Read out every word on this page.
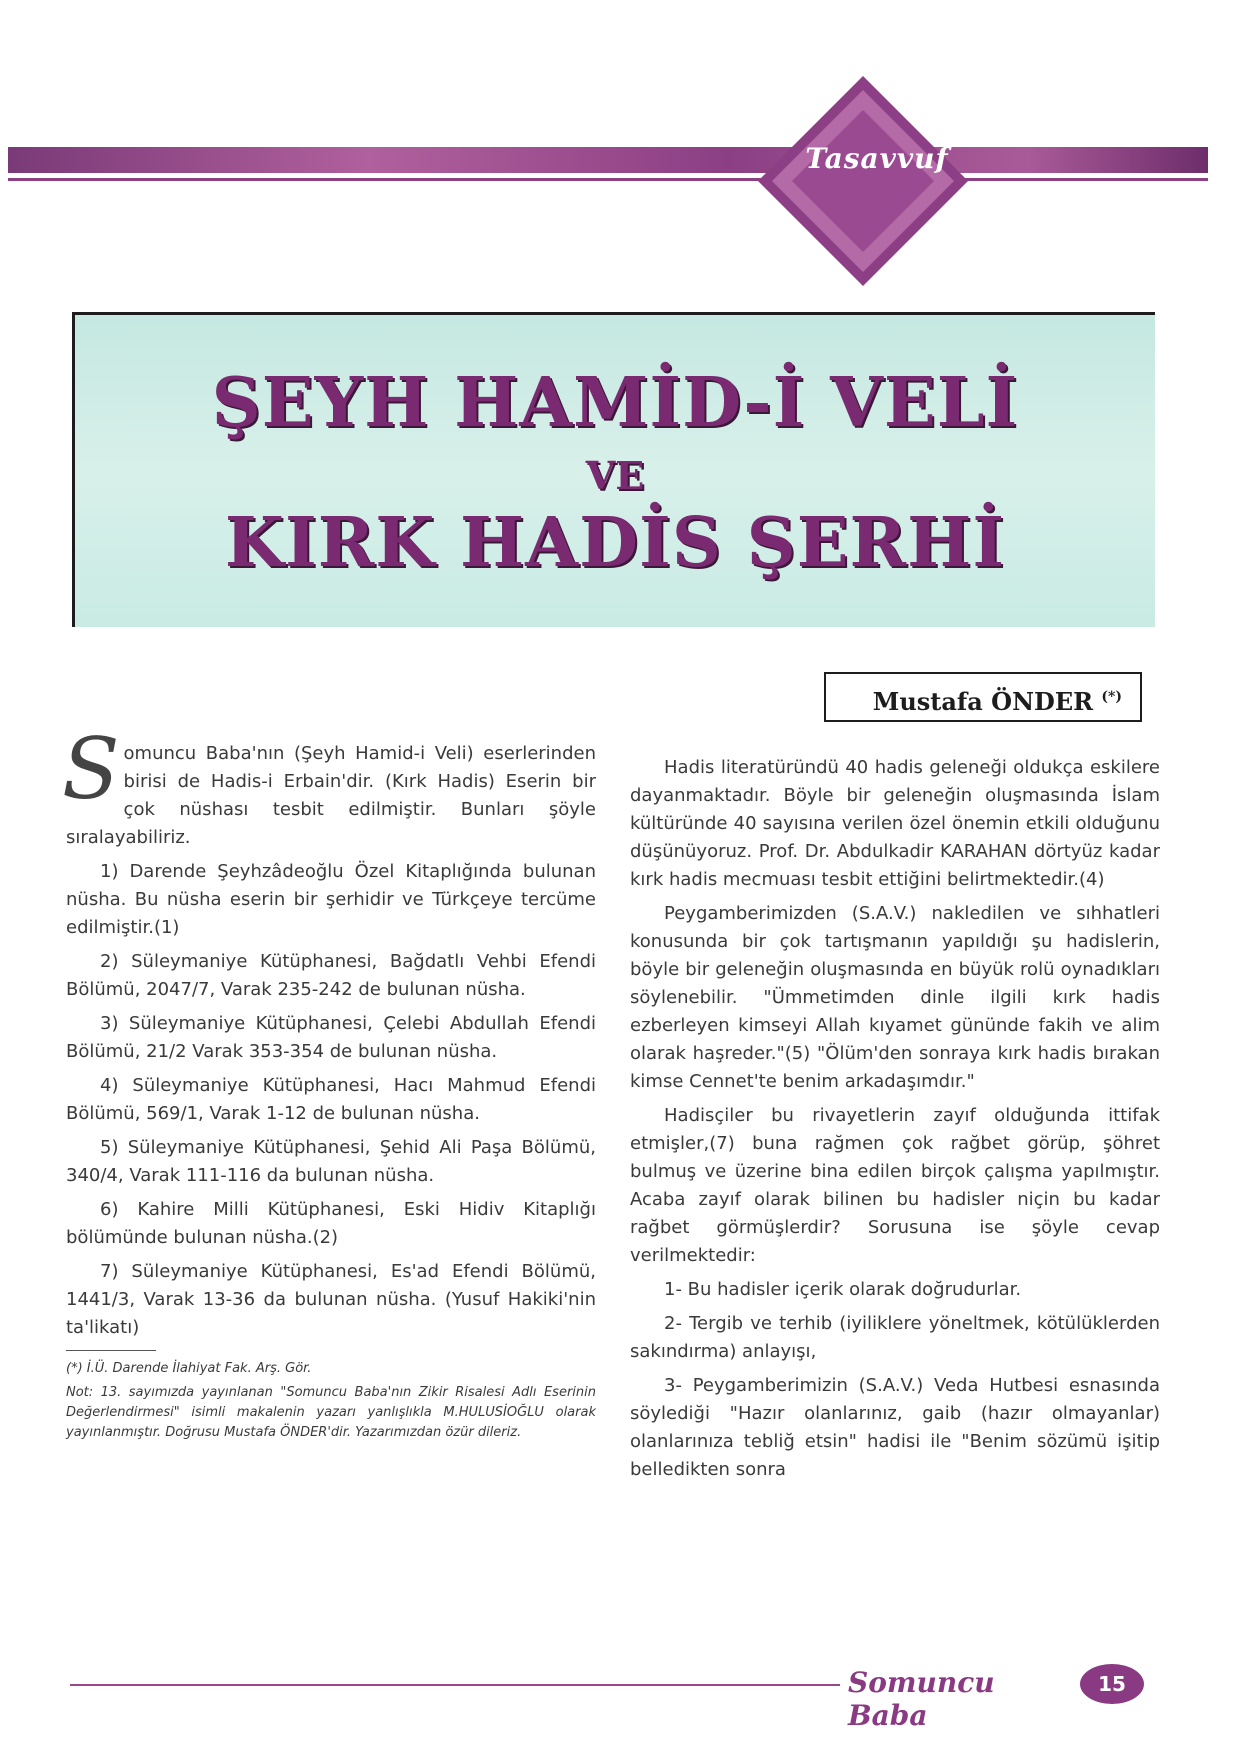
Tasavvuf
ŞEYH HAMİD-İ VELİ
VE
KIRK HADİS ŞERHİ
Mustafa ÖNDER (*)

Somuncu Baba'nın (Şeyh Hamid-i Veli) eserlerinden birisi de Hadis-i Erbain'dir. (Kırk Hadis) Eserin bir çok nüshası tesbit edilmiştir. Bunları şöyle sıralayabiliriz.

1) Darende Şeyhzâdeoğlu Özel Kitaplığında bulunan nüsha. Bu nüsha eserin bir şerhidir ve Türkçeye tercüme edilmiştir.(1)

2) Süleymaniye Kütüphanesi, Bağdatlı Vehbi Efendi Bölümü, 2047/7, Varak 235-242 de bulunan nüsha.

3) Süleymaniye Kütüphanesi, Çelebi Abdullah Efendi Bölümü, 21/2 Varak 353-354 de bulunan nüsha.

4) Süleymaniye Kütüphanesi, Hacı Mahmud Efendi Bölümü, 569/1, Varak 1-12 de bulunan nüsha.

5) Süleymaniye Kütüphanesi, Şehid Ali Paşa Bölümü, 340/4, Varak 111-116 da bulunan nüsha.

6) Kahire Milli Kütüphanesi, Eski Hidiv Kitaplığı bölümünde bulunan nüsha.(2)

7) Süleymaniye Kütüphanesi, Es'ad Efendi Bölümü, 1441/3, Varak 13-36 da bulunan nüsha. (Yusuf Hakiki'nin ta'likatı)

(*) İ.Ü. Darende İlahiyat Fak. Arş. Gör.

Not: 13. sayımızda yayınlanan "Somuncu Baba'nın Zikir Risalesi Adlı Eserinin Değerlendirmesi" isimli makalenin yazarı yanlışlıkla M.HULUSİOĞLU olarak yayınlanmıştır. Doğrusu Mustafa ÖNDER'dir. Yazarımızdan özür dileriz.

Hadis literatüründü 40 hadis geleneği oldukça eskilere dayanmaktadır. Böyle bir geleneğin oluşmasında İslam kültüründe 40 sayısına verilen özel önemin etkili olduğunu düşünüyoruz. Prof. Dr. Abdulkadir KARAHAN dörtyüz kadar kırk hadis mecmuası tesbit ettiğini belirtmektedir.(4)

Peygamberimizden (S.A.V.) nakledilen ve sıhhatleri konusunda bir çok tartışmanın yapıldığı şu hadislerin, böyle bir geleneğin oluşmasında en büyük rolü oynadıkları söylenebilir. "Ümmetimden dinle ilgili kırk hadis ezberleyen kimseyi Allah kıyamet gününde fakih ve alim olarak haşreder."(5) "Ölüm'den sonraya kırk hadis bırakan kimse Cennet'te benim arkadaşımdır."

Hadisçiler bu rivayetlerin zayıf olduğunda ittifak etmişler,(7) buna rağmen çok rağbet görüp, şöhret bulmuş ve üzerine bina edilen birçok çalışma yapılmıştır. Acaba zayıf olarak bilinen bu hadisler niçin bu kadar rağbet görmüşlerdir? Sorusuna ise şöyle cevap verilmektedir:

1- Bu hadisler içerik olarak doğrudurlar.

2- Tergib ve terhib (iyiliklere yöneltmek, kötülüklerden sakındırma) anlayışı,

3- Peygamberimizin (S.A.V.) Veda Hutbesi esnasında söylediği "Hazır olanlarınız, gaib (hazır olmayanlar) olanlarınıza tebliğ etsin" hadisi ile "Benim sözümü işitip belledikten sonra

Somuncu Baba
15
